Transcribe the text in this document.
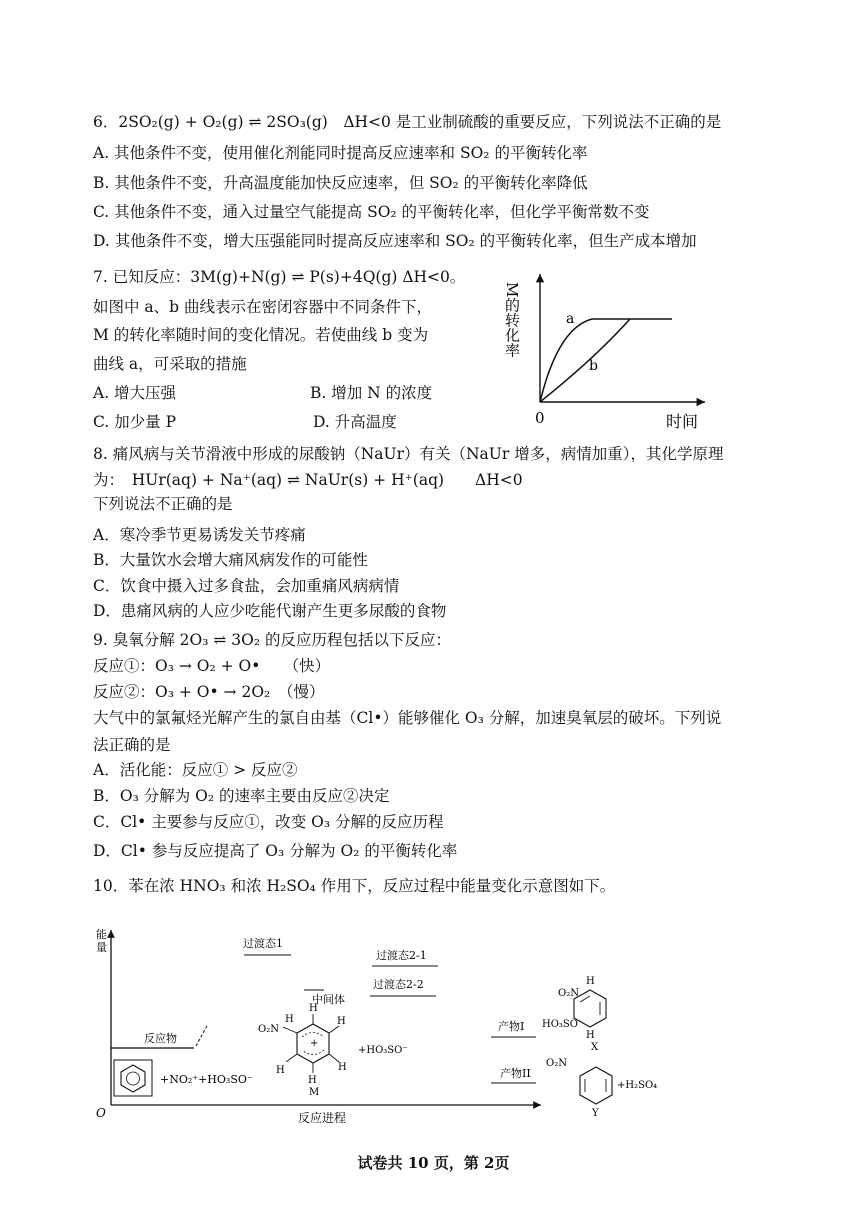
6．2SO₂(g) + O₂(g) ⇌ 2SO₃(g)　ΔH<0 是工业制硫酸的重要反应，下列说法不正确的是
A. 其他条件不变，使用催化剂能同时提高反应速率和 SO₂ 的平衡转化率
B. 其他条件不变，升高温度能加快反应速率，但 SO₂ 的平衡转化率降低
C. 其他条件不变，通入过量空气能提高 SO₂ 的平衡转化率，但化学平衡常数不变
D. 其他条件不变，增大压强能同时提高反应速率和 SO₂ 的平衡转化率，但生产成本增加
7. 已知反应：3M(g)+N(g) ⇌ P(s)+4Q(g) ΔH<0。
如图中 a、b 曲线表示在密闭容器中不同条件下，
M 的转化率随时间的变化情况。若使曲线 b 变为
曲线 a，可采取的措施
A. 增大压强	B. 增加 N 的浓度
C. 加少量 P	D. 升高温度
M的转化率	a
b
0	时间
8. 痛风病与关节滑液中形成的尿酸钠（NaUr）有关（NaUr 增多，病情加重），其化学原理
为：　HUr(aq) + Na⁺(aq) ⇌ NaUr(s) + H⁺(aq)　　ΔH<0
下列说法不正确的是
A．寒冷季节更易诱发关节疼痛
B．大量饮水会增大痛风病发作的可能性
C．饮食中摄入过多食盐，会加重痛风病病情
D．患痛风病的人应少吃能代谢产生更多尿酸的食物
9. 臭氧分解 2O₃ ⇌ 3O₂ 的反应历程包括以下反应：
反应①：O₃ → O₂ + O•　　（快）
反应②：O₃ + O• → 2O₂　（慢）
大气中的氯氟烃光解产生的氯自由基（Cl•）能够催化 O₃ 分解，加速臭氧层的破坏。下列说
法正确的是
A．活化能：反应① > 反应②
B．O₃ 分解为 O₂ 的速率主要由反应②决定
C．Cl• 主要参与反应①，改变 O₃ 分解的反应历程
D．Cl• 参与反应提高了 O₃ 分解为 O₂ 的平衡转化率
10．苯在浓 HNO₃ 和浓 H₂SO₄ 作用下，反应过程中能量变化示意图如下。
能
量
O	反应进程
反应物
过渡态1
过渡态2-1
过渡态2-2
中间体
+NO₂⁺+HO₃SO⁻
O₂N
H
H
H
H	H
H
+
M
+HO₃SO⁻
产物I
O₂N
H
HO₃SO
H
X
产物II
O₂N
+H₂SO₄
Y
试卷共 10 页，第 2页
